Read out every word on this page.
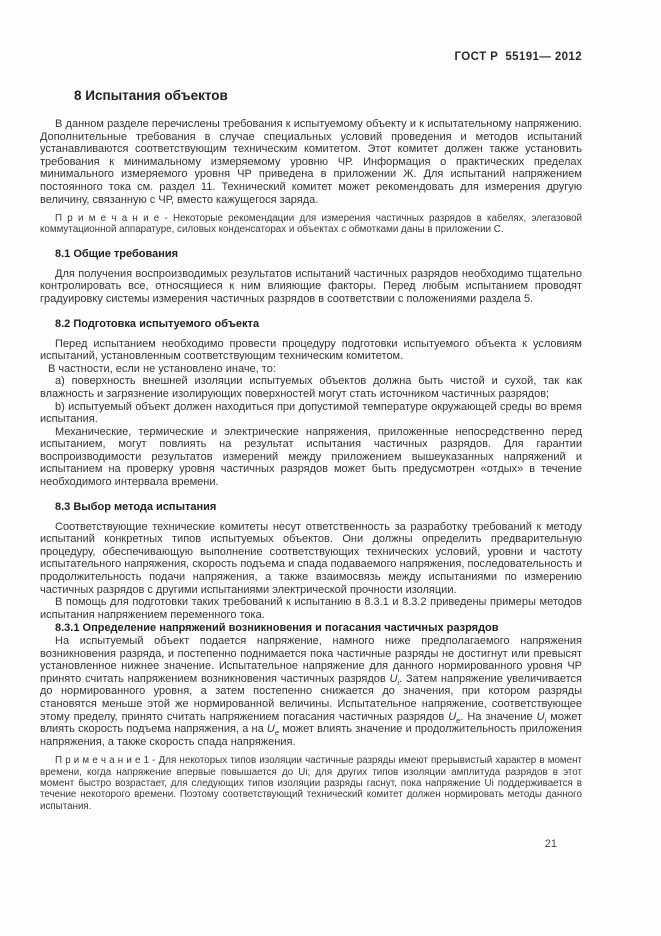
ГОСТ Р  55191— 2012
8 Испытания объектов

В данном разделе перечислены требования к испытуемому объекту и к испытательному напряжению. Дополнительные требования в случае специальных условий проведения и методов испытаний устанавливаются соответствующим техническим комитетом. Этот комитет должен также установить требования к минимальному измеряемому уровню ЧР. Информация о практических пределах минимального измеряемого уровня ЧР приведена в приложении Ж. Для испытаний напряжением постоянного тока см. раздел 11. Технический комитет может рекомендовать для измерения другую величину, связанную с ЧР, вместо кажущегося заряда.

П р и м е ч а н и е - Некоторые рекомендации для измерения частичных разрядов в кабелях, элегазовой коммутационной аппаратуре, силовых конденсаторах и объектах с обмотками даны в приложении С.

8.1 Общие требования

Для получения воспроизводимых результатов испытаний частичных разрядов необходимо тщательно контролировать все, относящиеся к ним влияющие факторы. Перед любым испытанием проводят градуировку системы измерения частичных разрядов в соответствии с положениями раздела 5.

8.2 Подготовка испытуемого объекта

Перед испытанием необходимо провести процедуру подготовки испытуемого объекта к условиям испытаний, установленным соответствующим техническим комитетом.

В частности, если не установлено иначе, то:

a) поверхность внешней изоляции испытуемых объектов должна быть чистой и сухой, так как влажность и загрязнение изолирующих поверхностей могут стать источником частичных разрядов;

b) испытуемый объект должен находиться при допустимой температуре окружающей среды во время испытания.

Механические, термические и электрические напряжения, приложенные непосредственно перед испытанием, могут повлиять на результат испытания частичных разрядов. Для гарантии воспроизводимости результатов измерений между приложением вышеуказанных напряжений и испытанием на проверку уровня частичных разрядов может быть предусмотрен «отдых» в течение необходимого интервала времени.

8.3 Выбор метода испытания

Соответствующие технические комитеты несут ответственность за разработку требований к методу испытаний конкретных типов испытуемых объектов. Они должны определить предварительную процедуру, обеспечивающую выполнение соответствующих технических условий, уровни и частоту испытательного напряжения, скорость подъема и спада подаваемого напряжения, последовательность и продолжительность подачи напряжения, а также взаимосвязь между испытаниями по измерению частичных разрядов с другими испытаниями электрической прочности изоляции.

В помощь для подготовки таких требований к испытанию в 8.3.1 и 8.3.2 приведены примеры методов испытания напряжением переменного тока.

8.3.1 Определение напряжений возникновения и погасания частичных разрядов

На испытуемый объект подается напряжение, намного ниже предполагаемого напряжения возникновения разряда, и постепенно поднимается пока частичные разряды не достигнут или превысят установленное нижнее значение. Испытательное напряжение для данного нормированного уровня ЧР принято считать напряжением возникновения частичных разрядов $U_i$. Затем напряжение увеличивается до нормированного уровня, а затем постепенно снижается до значения, при котором разряды становятся меньше этой же нормированной величины. Испытательное напряжение, соответствующее этому пределу, принято считать напряжением погасания частичных разрядов $U_e$. На значение $U_i$ может влиять скорость подъема напряжения, а на $U_e$ может влиять значение и продолжительность приложения напряжения, а также скорость спада напряжения.

П р и м е ч а н и е 1 - Для некоторых типов изоляции частичные разряды имеют прерывистый характер в момент времени, когда напряжение впервые повышается до Ui; для других типов изоляции амплитуда разрядов в этот момент быстро возрастает, для следующих типов изоляции разряды гаснут, пока напряжение Ui поддерживается в течение некоторого времени. Поэтому соответствующий технический комитет должен нормировать методы данного испытания.

21
